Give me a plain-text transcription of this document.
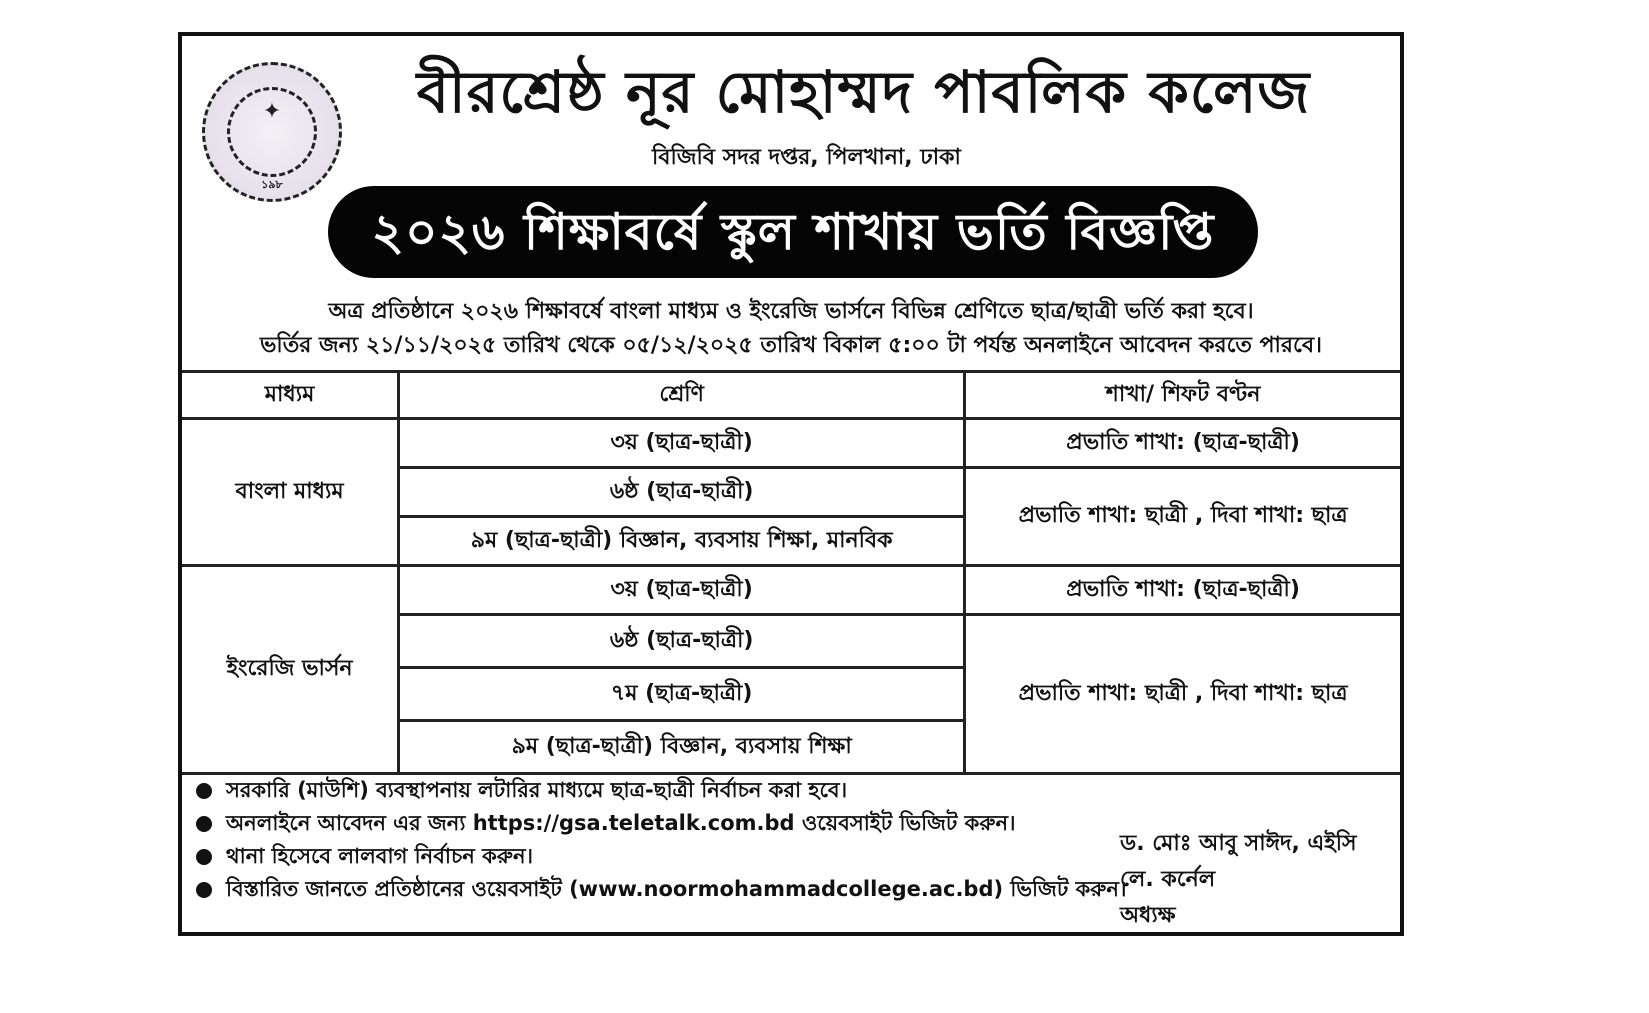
✦
১৯৮
বীরশ্রেষ্ঠ নূর মোহাম্মদ পাবলিক কলেজ
বিজিবি সদর দপ্তর, পিলখানা, ঢাকা
২০২৬ শিক্ষাবর্ষে স্কুল শাখায় ভর্তি বিজ্ঞপ্তি
অত্র প্রতিষ্ঠানে ২০২৬ শিক্ষাবর্ষে বাংলা মাধ্যম ও ইংরেজি ভার্সনে বিভিন্ন শ্রেণিতে ছাত্র/ছাত্রী ভর্তি করা হবে।
ভর্তির জন্য ২১/১১/২০২৫ তারিখ থেকে ০৫/১২/২০২৫ তারিখ বিকাল ৫:০০ টা পর্যন্ত অনলাইনে আবেদন করতে পারবে।
মাধ্যম	শ্রেণি	শাখা/ শিফট বণ্টন
বাংলা মাধ্যম	৩য় (ছাত্র-ছাত্রী)	প্রভাতি শাখা: (ছাত্র-ছাত্রী)
	৬ষ্ঠ (ছাত্র-ছাত্রী)	প্রভাতি শাখা: ছাত্রী , দিবা শাখা: ছাত্র
	৯ম (ছাত্র-ছাত্রী) বিজ্ঞান, ব্যবসায় শিক্ষা, মানবিক	
ইংরেজি ভার্সন	৩য় (ছাত্র-ছাত্রী)	প্রভাতি শাখা: (ছাত্র-ছাত্রী)
	৬ষ্ঠ (ছাত্র-ছাত্রী)	প্রভাতি শাখা: ছাত্রী , দিবা শাখা: ছাত্র
	৭ম (ছাত্র-ছাত্রী)	
	৯ম (ছাত্র-ছাত্রী) বিজ্ঞান, ব্যবসায় শিক্ষা	
সরকারি (মাউশি) ব্যবস্থাপনায় লটারির মাধ্যমে ছাত্র-ছাত্রী নির্বাচন করা হবে।
অনলাইনে আবেদন এর জন্য https://gsa.teletalk.com.bd ওয়েবসাইট ভিজিট করুন।
থানা হিসেবে লালবাগ নির্বাচন করুন।
বিস্তারিত জানতে প্রতিষ্ঠানের ওয়েবসাইট (www.noormohammadcollege.ac.bd) ভিজিট করুন।
ড. মোঃ আবু সাঈদ, এইসি
লে. কর্নেল
অধ্যক্ষ
